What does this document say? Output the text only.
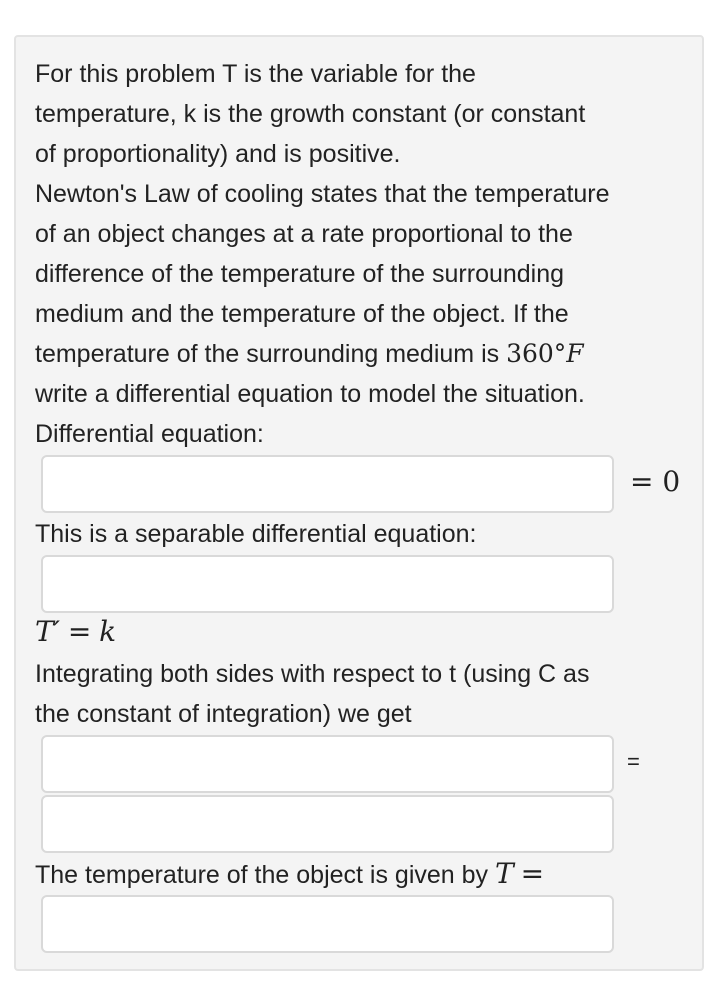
For this problem T is the variable for the
temperature, k is the growth constant (or constant
of proportionality) and is positive.
Newton's Law of cooling states that the temperature
of an object changes at a rate proportional to the
difference of the temperature of the surrounding
medium and the temperature of the object. If the
temperature of the surrounding medium is 360°F
write a differential equation to model the situation.
Differential equation:
= 0
This is a separable differential equation:
T′ = k
Integrating both sides with respect to t (using C as
the constant of integration) we get
=
The temperature of the object is given by T =
